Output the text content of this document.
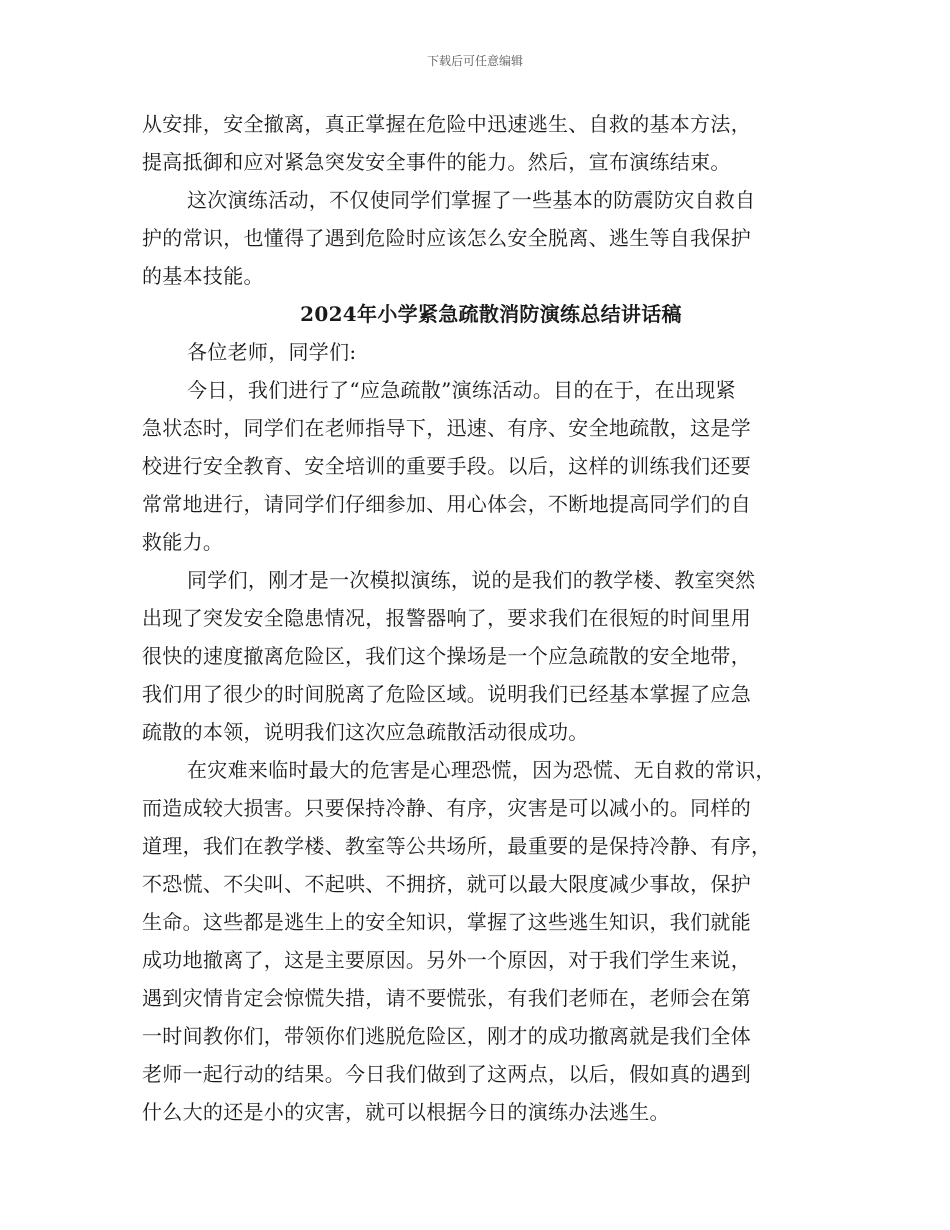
下载后可任意编辑
从安排，安全撤离，真正掌握在危险中迅速逃生、自救的基本方法，
提高抵御和应对紧急突发安全事件的能力。然后，宣布演练结束。
这次演练活动，不仅使同学们掌握了一些基本的防震防灾自救自
护的常识，也懂得了遇到危险时应该怎么安全脱离、逃生等自我保护
的基本技能。
2024年小学紧急疏散消防演练总结讲话稿
各位老师，同学们:
今日，我们进行了“应急疏散”演练活动。目的在于，在出现紧
急状态时，同学们在老师指导下，迅速、有序、安全地疏散，这是学
校进行安全教育、安全培训的重要手段。以后，这样的训练我们还要
常常地进行，请同学们仔细参加、用心体会，不断地提高同学们的自
救能力。
同学们，刚才是一次模拟演练，说的是我们的教学楼、教室突然
出现了突发安全隐患情况，报警器响了，要求我们在很短的时间里用
很快的速度撤离危险区，我们这个操场是一个应急疏散的安全地带，
我们用了很少的时间脱离了危险区域。说明我们已经基本掌握了应急
疏散的本领，说明我们这次应急疏散活动很成功。
在灾难来临时最大的危害是心理恐慌，因为恐慌、无自救的常识，
而造成较大损害。只要保持冷静、有序，灾害是可以减小的。同样的
道理，我们在教学楼、教室等公共场所，最重要的是保持冷静、有序，
不恐慌、不尖叫、不起哄、不拥挤，就可以最大限度减少事故，保护
生命。这些都是逃生上的安全知识，掌握了这些逃生知识，我们就能
成功地撤离了，这是主要原因。另外一个原因，对于我们学生来说，
遇到灾情肯定会惊慌失措，请不要慌张，有我们老师在，老师会在第
一时间教你们，带领你们逃脱危险区，刚才的成功撤离就是我们全体
老师一起行动的结果。今日我们做到了这两点，以后，假如真的遇到
什么大的还是小的灾害，就可以根据今日的演练办法逃生。
